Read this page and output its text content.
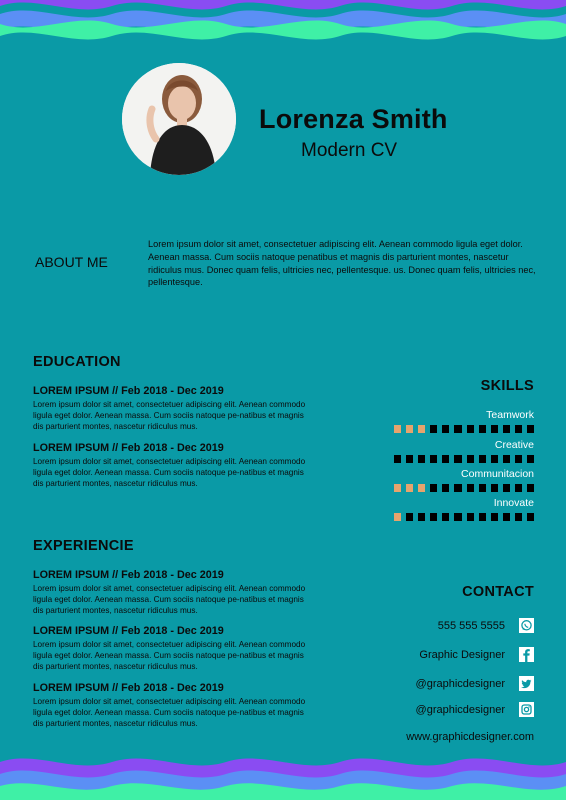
Lorenza Smith
Modern CV
ABOUT ME
Lorem ipsum dolor sit amet, consectetuer adipiscing elit. Aenean commodo ligula eget dolor. Aenean massa. Cum sociis natoque penatibus et magnis dis parturient montes, nascetur ridiculus mus. Donec quam felis, ultricies nec, pellentesque. us. Donec quam felis, ultricies nec, pellentesque.
EDUCATION
LOREM IPSUM // Feb 2018 - Dec 2019
Lorem ipsum dolor sit amet, consectetuer adipiscing elit. Aenean commodo ligula eget dolor. Aenean massa. Cum sociis natoque pe-natibus et magnis dis parturient montes, nascetur ridiculus mus.
LOREM IPSUM // Feb 2018 - Dec 2019
Lorem ipsum dolor sit amet, consectetuer adipiscing elit. Aenean commodo ligula eget dolor. Aenean massa. Cum sociis natoque pe-natibus et magnis dis parturient montes, nascetur ridiculus mus.
EXPERIENCIE
LOREM IPSUM // Feb 2018 - Dec 2019
Lorem ipsum dolor sit amet, consectetuer adipiscing elit. Aenean commodo ligula eget dolor. Aenean massa. Cum sociis natoque pe-natibus et magnis dis parturient montes, nascetur ridiculus mus.
LOREM IPSUM // Feb 2018 - Dec 2019
Lorem ipsum dolor sit amet, consectetuer adipiscing elit. Aenean commodo ligula eget dolor. Aenean massa. Cum sociis natoque pe-natibus et magnis dis parturient montes, nascetur ridiculus mus.
LOREM IPSUM // Feb 2018 - Dec 2019
Lorem ipsum dolor sit amet, consectetuer adipiscing elit. Aenean commodo ligula eget dolor. Aenean massa. Cum sociis natoque pe-natibus et magnis dis parturient montes, nascetur ridiculus mus.
SKILLS
Teamwork
Creative
Communitacion
Innovate
CONTACT
555 555 5555
Graphic Designer
@graphicdesigner
@graphicdesigner
www.graphicdesigner.com
